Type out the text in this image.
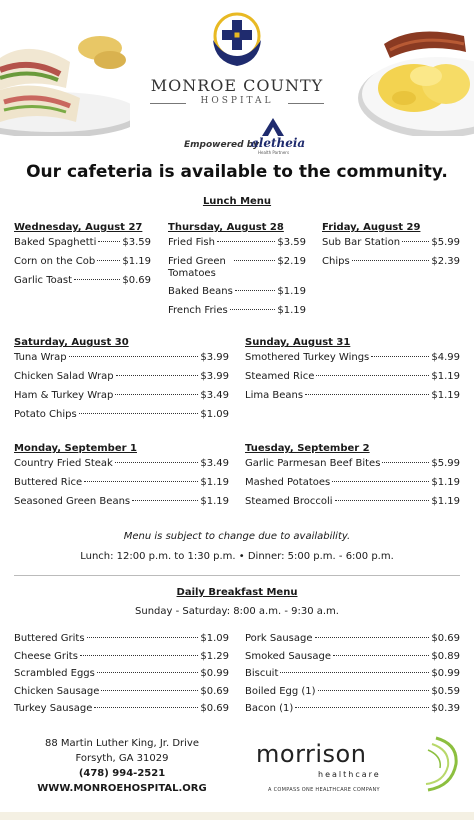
MONROE COUNTY
HOSPITAL
Empowered by:
aletheia
Health Partners
Our cafeteria is available to the community.
Lunch Menu
Wednesday, August 27
Baked Spaghetti	$3.59
Corn on the Cob	$1.19
Garlic Toast	$0.69
Thursday, August 28
Fried Fish	$3.59
Fried Green Tomatoes
$2.19
Baked Beans	$1.19
French Fries	$1.19
Friday, August 29
Sub Bar Station	$5.99
Chips	$2.39
Saturday, August 30
Tuna Wrap	$3.99
Chicken Salad Wrap	$3.99
Ham & Turkey Wrap	$3.49
Potato Chips	$1.09
Sunday, August 31
Smothered Turkey Wings	$4.99
Steamed Rice	$1.19
Lima Beans	$1.19
Monday, September 1
Country Fried Steak	$3.49
Buttered Rice	$1.19
Seasoned Green Beans	$1.19
Tuesday, September 2
Garlic Parmesan Beef Bites	$5.99
Mashed Potatoes	$1.19
Steamed Broccoli	$1.19
Menu is subject to change due to availability.
Lunch: 12:00 p.m. to 1:30 p.m. • Dinner: 5:00 p.m. - 6:00 p.m.
Daily Breakfast Menu
Sunday - Saturday: 8:00 a.m. - 9:30 a.m.
Buttered Grits	$1.09
Cheese Grits	$1.29
Scrambled Eggs	$0.99
Chicken Sausage	$0.69
Turkey Sausage	$0.69
Pork Sausage	$0.69
Smoked Sausage	$0.89
Biscuit	$0.99
Boiled Egg (1)	$0.59
Bacon (1)	$0.39
88 Martin Luther King, Jr. Drive
Forsyth, GA 31029
(478) 994-2521
WWW.MONROEHOSPITAL.ORG
morrison
healthcare
A COMPASS ONE HEALTHCARE COMPANY
